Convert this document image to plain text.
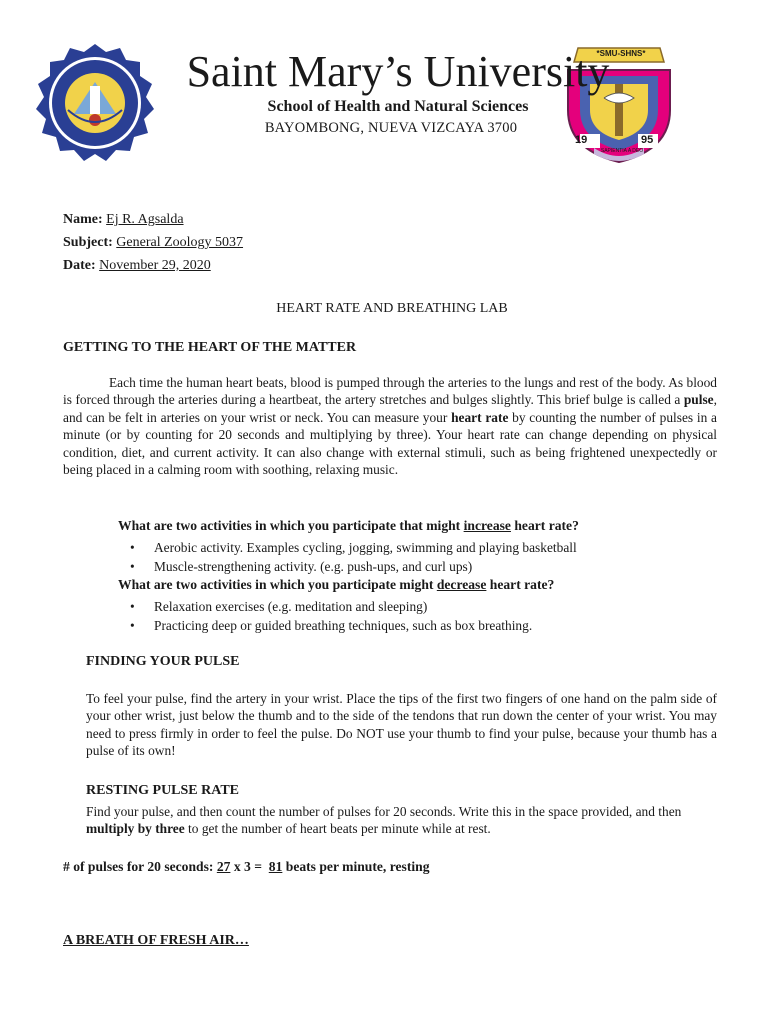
*SMU-SHNS*
19	95
SAPIENTIA A DEO
Saint Mary’s University
School of Health and Natural Sciences
BAYOMBONG, NUEVA VIZCAYA 3700
Name: Ej R. Agsalda
Subject: General Zoology 5037
Date: November 29, 2020
HEART RATE AND BREATHING LAB
GETTING TO THE HEART OF THE MATTER
Each time the human heart beats, blood is pumped through the arteries to the lungs and rest of the body. As blood is forced through the arteries during a heartbeat, the artery stretches and bulges slightly. This brief bulge is called a pulse, and can be felt in arteries on your wrist or neck. You can measure your heart rate by counting the number of pulses in a minute (or by counting for 20 seconds and multiplying by three). Your heart rate can change depending on physical condition, diet, and current activity. It can also change with external stimuli, such as being frightened unexpectedly or being placed in a calming room with soothing, relaxing music.
What are two activities in which you participate that might increase heart rate?
• Aerobic activity. Examples cycling, jogging, swimming and playing basketball
• Muscle-strengthening activity. (e.g. push-ups, and curl ups)
What are two activities in which you participate might decrease heart rate?
• Relaxation exercises (e.g. meditation and sleeping)
• Practicing deep or guided breathing techniques, such as box breathing.
FINDING YOUR PULSE
To feel your pulse, find the artery in your wrist. Place the tips of the first two fingers of one hand on the palm side of your other wrist, just below the thumb and to the side of the tendons that run down the center of your wrist. You may need to press firmly in order to feel the pulse. Do NOT use your thumb to find your pulse, because your thumb has a pulse of its own!
RESTING PULSE RATE
Find your pulse, and then count the number of pulses for 20 seconds. Write this in the space provided, and then multiply by three to get the number of heart beats per minute while at rest.
# of pulses for 20 seconds: 27 x 3 =  81 beats per minute, resting
A BREATH OF FRESH AIR…
